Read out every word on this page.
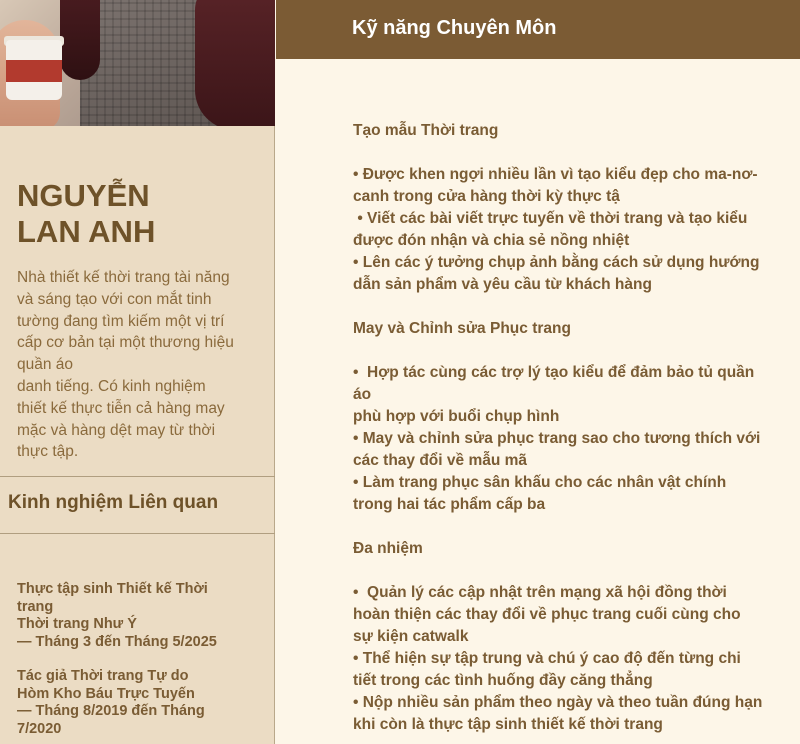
NGUYỄN
LAN ANH
Nhà thiết kế thời trang tài năng
và sáng tạo với con mắt tinh
tường đang tìm kiếm một vị trí
cấp cơ bản tại một thương hiệu
quần áo
danh tiếng. Có kinh nghiệm
thiết kế thực tiễn cả hàng may
mặc và hàng dệt may từ thời
thực tập.
Kinh nghiệm Liên quan
Thực tập sinh Thiết kế Thời
trang
Thời trang Như Ý
— Tháng 3 đến Tháng 5/2025
Tác giả Thời trang Tự do
Hòm Kho Báu Trực Tuyến
— Tháng 8/2019 đến Tháng
7/2020
Kỹ năng Chuyên Môn
Tạo mẫu Thời trang
• Được khen ngợi nhiều lần vì tạo kiểu đẹp cho ma-nơ-
canh trong cửa hàng thời kỳ thực tậ
• Viết các bài viết trực tuyến về thời trang và tạo kiểu
được đón nhận và chia sẻ nồng nhiệt
• Lên các ý tưởng chụp ảnh bằng cách sử dụng hướng
dẫn sản phẩm và yêu cầu từ khách hàng
May và Chỉnh sửa Phục trang
•  Hợp tác cùng các trợ lý tạo kiểu để đảm bảo tủ quần
áo
phù hợp với buổi chụp hình
• May và chỉnh sửa phục trang sao cho tương thích với
các thay đổi về mẫu mã
• Làm trang phục sân khấu cho các nhân vật chính
trong hai tác phẩm cấp ba
Đa nhiệm
•  Quản lý các cập nhật trên mạng xã hội đồng thời
hoàn thiện các thay đổi về phục trang cuối cùng cho
sự kiện catwalk
• Thể hiện sự tập trung và chú ý cao độ đến từng chi
tiết trong các tình huống đầy căng thẳng
• Nộp nhiều sản phẩm theo ngày và theo tuần đúng hạn
khi còn là thực tập sinh thiết kế thời trang
